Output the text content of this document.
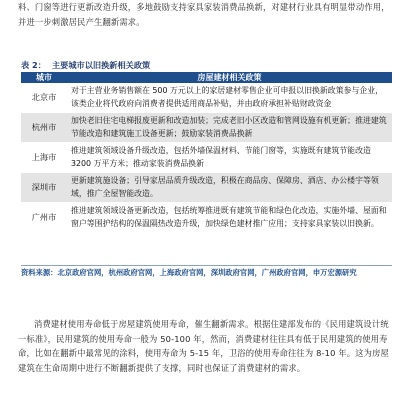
料、门窗等进行更新改造升级，多地鼓励支持家具家装消费品换新，对建材行业具有明显带动作用，并进一步刺激居民产生翻新需求。

表 2： 主要城市以旧换新相关政策
城市	房屋建材相关政策
北京市	对于主营业务销售额在 500 万元以上的家居建材零售企业可申报以旧换新政策参与企业，该类企业将代政府向消费者提供适用商品补贴，并由政府承担补贴财政资金
杭州市	加快老旧住宅电梯报废更新和改造加装；完成老旧小区改造和管网设施有机更新；推进建筑节能改造和建筑施工设备更新；鼓励家装消费品换新
上海市	推进建筑领域设备升级改造，包括外墙保温材料、节能门窗等，实施既有建筑节能改造 3200 万平方米；推动家装消费品换新
深圳市	更新建筑施设备；引导家居品质升级改造，积极在商品房、保障房、酒店、办公楼宇等领域，推广全屋智能改造。
广州市	推进建筑领域设备更新改造，包括统筹推进既有建筑节能和绿色化改造，实施外墙、屋面和窗户等围护结构的保温隔热改造升级，加快绿色建材推广应用；支持家具家装以旧换新。
资料来源：北京政府官网，杭州政府官网，上海政府官网，深圳政府官网，广州政府官网，申万宏源研究

消费建材使用寿命低于房屋建筑使用寿命，催生翻新需求。根据住建部发布的《民用建筑设计统一标准》，民用建筑的使用寿命一般为 50-100 年，然而，消费建材往往具有低于民用建筑的使用寿命，比如在翻新中最常见的涂料，使用寿命为 5-15 年，卫浴的使用寿命往往为 8-10 年。这为房屋建筑在生命周期中进行不断翻新提供了支撑，同时也保证了消费建材的需求。
